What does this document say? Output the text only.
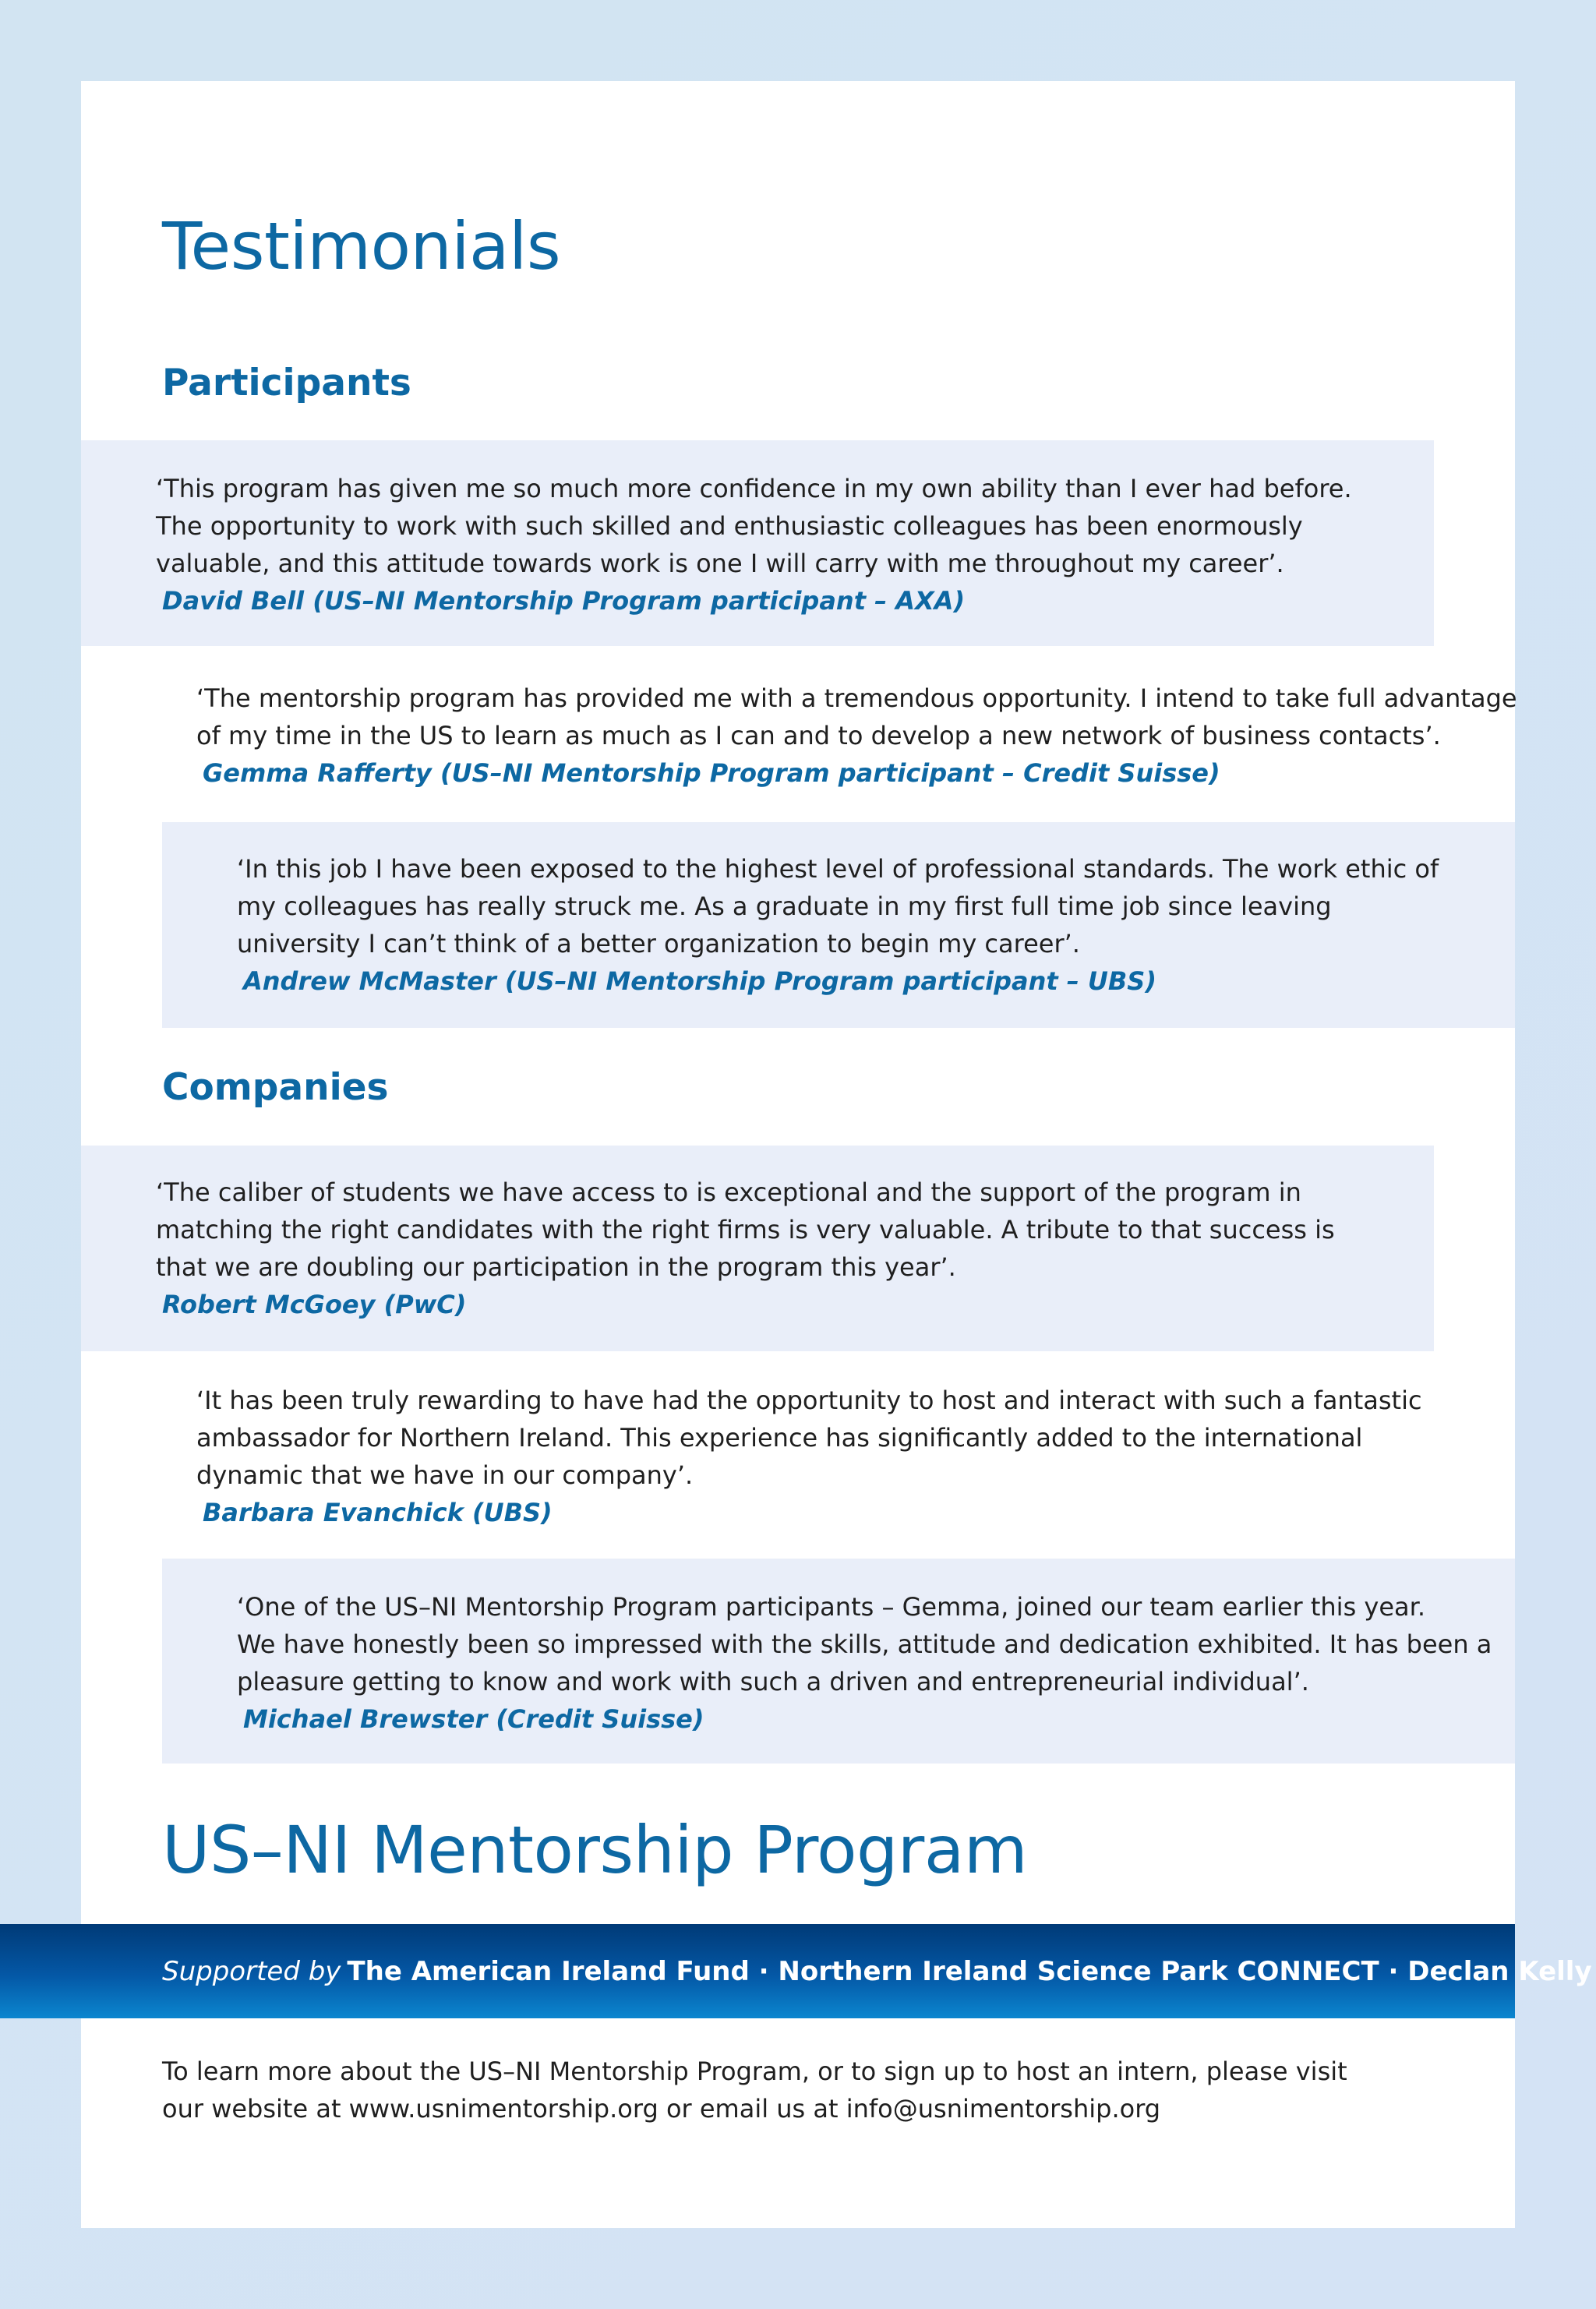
Testimonials
Participants

‘This program has given me so much more confidence in my own ability than I ever had before.
The opportunity to work with such skilled and enthusiastic colleagues has been enormously
valuable, and this attitude towards work is one I will carry with me throughout my career’.

David Bell (US–NI Mentorship Program participant – AXA)

‘The mentorship program has provided me with a tremendous opportunity. I intend to take full advantage
of my time in the US to learn as much as I can and to develop a new network of business contacts’.

Gemma Rafferty (US–NI Mentorship Program participant – Credit Suisse)

‘In this job I have been exposed to the highest level of professional standards. The work ethic of
my colleagues has really struck me. As a graduate in my first full time job since leaving
university I can’t think of a better organization to begin my career’.

Andrew McMaster (US–NI Mentorship Program participant – UBS)

Companies

‘The caliber of students we have access to is exceptional and the support of the program in
matching the right candidates with the right firms is very valuable. A tribute to that success is
that we are doubling our participation in the program this year’.

Robert McGoey (PwC)

‘It has been truly rewarding to have had the opportunity to host and interact with such a fantastic
ambassador for Northern Ireland. This experience has significantly added to the international
dynamic that we have in our company’.

Barbara Evanchick (UBS)

‘One of the US–NI Mentorship Program participants – Gemma, joined our team earlier this year.
We have honestly been so impressed with the skills, attitude and dedication exhibited. It has been a
pleasure getting to know and work with such a driven and entrepreneurial individual’.

Michael Brewster (Credit Suisse)

US–NI Mentorship Program
Supported by The American Ireland Fund · Northern Ireland Science Park CONNECT · Declan Kelly

To learn more about the US–NI Mentorship Program, or to sign up to host an intern, please visit
our website at www.usnimentorship.org or email us at info@usnimentorship.org
